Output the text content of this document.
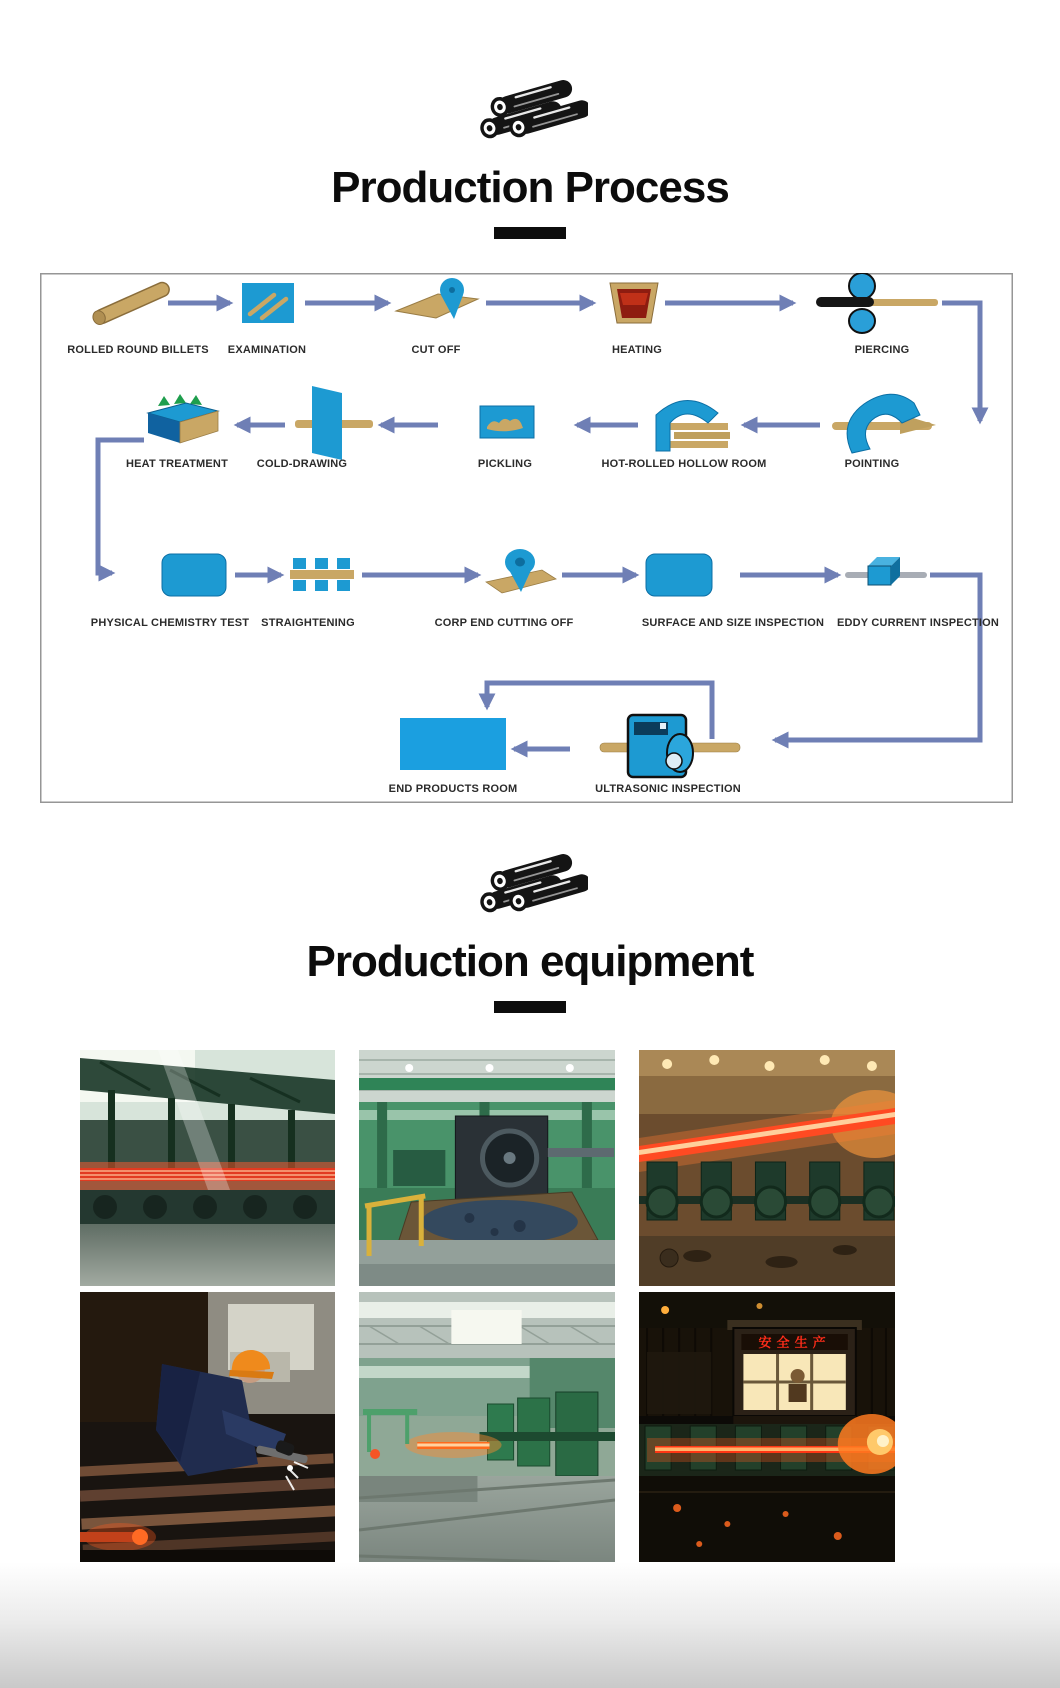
Production Process
ROLLED ROUND BILLETS EXAMINATION	CUT OFF	HEATING	PIERCING
HEAT TREATMENT	COLD-DRAWING	PICKLING	HOT-ROLLED HOLLOW ROOM	POINTING
PHYSICAL CHEMISTRY TEST STRAIGHTENING	CORP END CUTTING OFF	SURFACE AND SIZE INSPECTION EDDY CURRENT INSPECTION
END PRODUCTS ROOM	ULTRASONIC INSPECTION
Production equipment
安全生产
